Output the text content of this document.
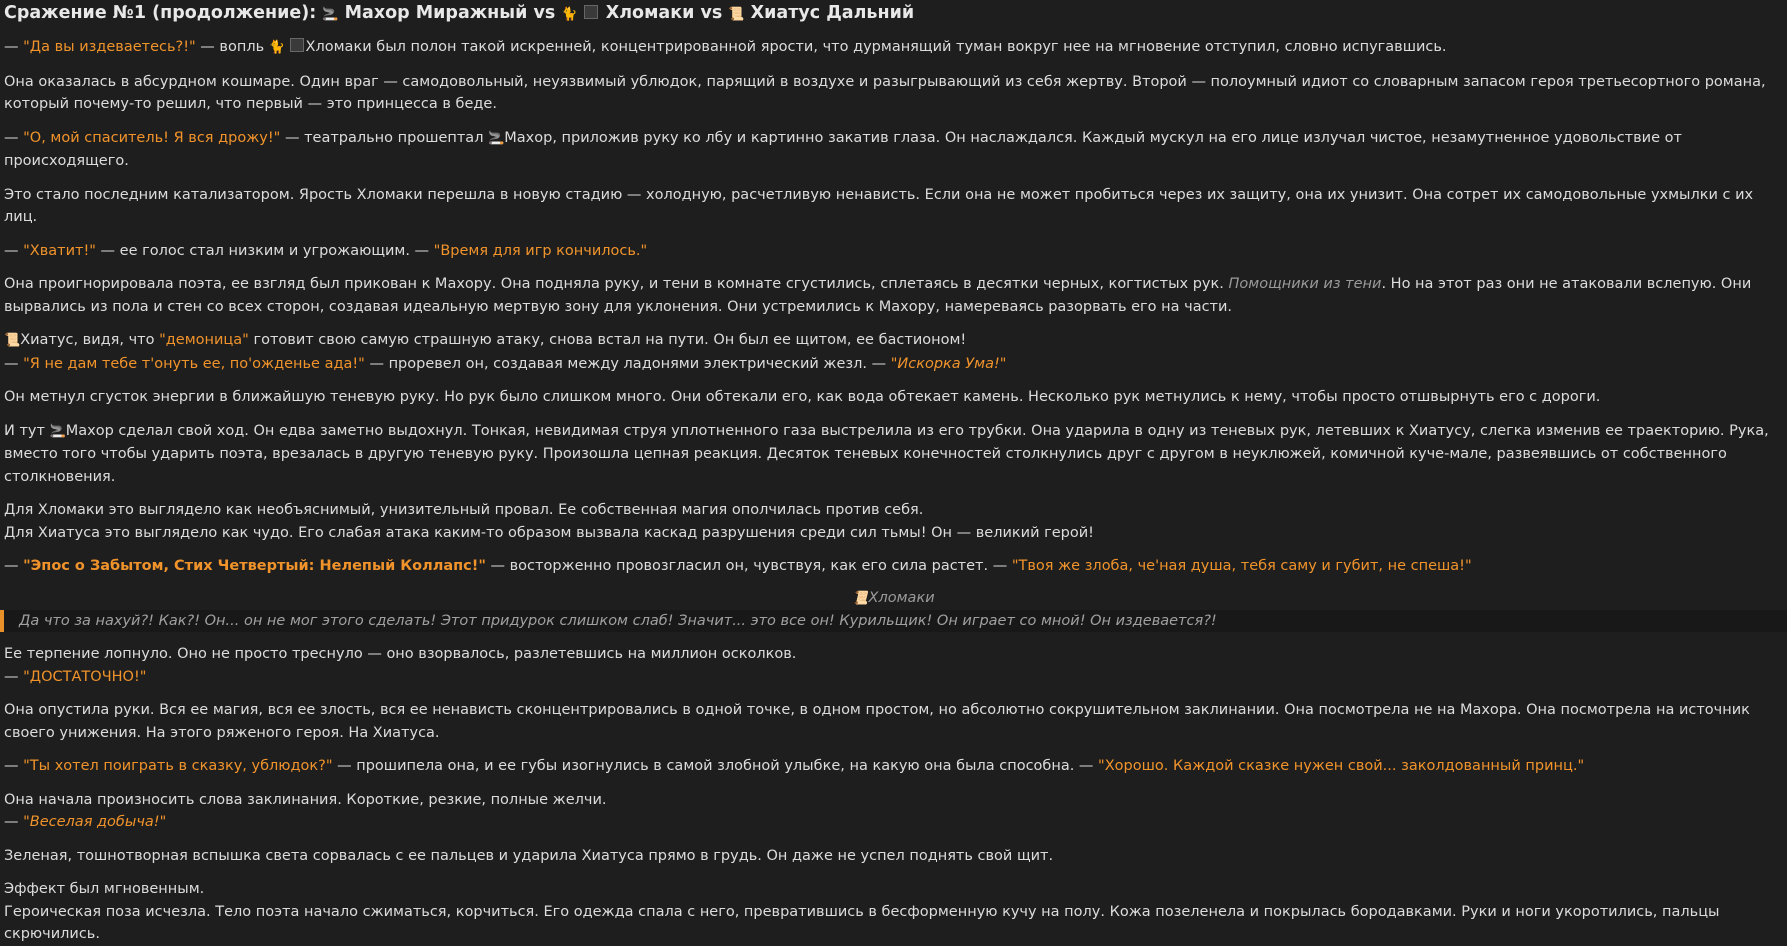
Сражение №1 (продолжение): 🚬 Махор Миражный vs 🐈 Хломаки vs 📜 Хиатус Дальний

— "Да вы издеваетесь?!" — вопль 🐈 Хломаки был полон такой искренней, концентрированной ярости, что дурманящий туман вокруг нее на мгновение отступил, словно испугавшись.

Она оказалась в абсурдном кошмаре. Один враг — самодовольный, неуязвимый ублюдок, парящий в воздухе и разыгрывающий из себя жертву. Второй — полоумный идиот со словарным запасом героя третьесортного романа, который почему-то решил, что первый — это принцесса в беде.

— "О, мой спаситель! Я вся дрожу!" — театрально прошептал 🚬Махор, приложив руку ко лбу и картинно закатив глаза. Он наслаждался. Каждый мускул на его лице излучал чистое, незамутненное удовольствие от происходящего.

Это стало последним катализатором. Ярость Хломаки перешла в новую стадию — холодную, расчетливую ненависть. Если она не может пробиться через их защиту, она их унизит. Она сотрет их самодовольные ухмылки с их лиц.

— "Хватит!" — ее голос стал низким и угрожающим. — "Время для игр кончилось."

Она проигнорировала поэта, ее взгляд был прикован к Махору. Она подняла руку, и тени в комнате сгустились, сплетаясь в десятки черных, когтистых рук. Помощники из тени. Но на этот раз они не атаковали вслепую. Они вырвались из пола и стен со всех сторон, создавая идеальную мертвую зону для уклонения. Они устремились к Махору, намереваясь разорвать его на части.

📜Хиатус, видя, что "демоница" готовит свою самую страшную атаку, снова встал на пути. Он был ее щитом, ее бастионом!

— "Я не дам тебе т'онуть ее, по'ожденье ада!" — проревел он, создавая между ладонями электрический жезл. — "Искорка Ума!"

Он метнул сгусток энергии в ближайшую теневую руку. Но рук было слишком много. Они обтекали его, как вода обтекает камень. Несколько рук метнулись к нему, чтобы просто отшвырнуть его с дороги.

И тут 🚬Махор сделал свой ход. Он едва заметно выдохнул. Тонкая, невидимая струя уплотненного газа выстрелила из его трубки. Она ударила в одну из теневых рук, летевших к Хиатусу, слегка изменив ее траекторию. Рука, вместо того чтобы ударить поэта, врезалась в другую теневую руку. Произошла цепная реакция. Десяток теневых конечностей столкнулись друг с другом в неуклюжей, комичной куче-мале, развеявшись от собственного столкновения.

Для Хломаки это выглядело как необъяснимый, унизительный провал. Ее собственная магия ополчилась против себя.

Для Хиатуса это выглядело как чудо. Его слабая атака каким-то образом вызвала каскад разрушения среди сил тьмы! Он — великий герой!

— "Эпос о Забытом, Стих Четвертый: Нелепый Коллапс!" — восторженно провозгласил он, чувствуя, как его сила растет. — "Твоя же злоба, че'ная душа, тебя саму и губит, не спеша!"

📜Хломаки
Да что за нахуй?! Как?! Он... он не мог этого сделать! Этот придурок слишком слаб! Значит... это все он! Курильщик! Он играет со мной! Он издевается?!

Ее терпение лопнуло. Оно не просто треснуло — оно взорвалось, разлетевшись на миллион осколков.

— "ДОСТАТОЧНО!"

Она опустила руки. Вся ее магия, вся ее злость, вся ее ненависть сконцентрировались в одной точке, в одном простом, но абсолютно сокрушительном заклинании. Она посмотрела не на Махора. Она посмотрела на источник своего унижения. На этого ряженого героя. На Хиатуса.

— "Ты хотел поиграть в сказку, ублюдок?" — прошипела она, и ее губы изогнулись в самой злобной улыбке, на какую она была способна. — "Хорошо. Каждой сказке нужен свой... заколдованный принц."

Она начала произносить слова заклинания. Короткие, резкие, полные желчи.

— "Веселая добыча!"

Зеленая, тошнотворная вспышка света сорвалась с ее пальцев и ударила Хиатуса прямо в грудь. Он даже не успел поднять свой щит.

Эффект был мгновенным.

Героическая поза исчезла. Тело поэта начало сжиматься, корчиться. Его одежда спала с него, превратившись в бесформенную кучу на полу. Кожа позеленела и покрылась бородавками. Руки и ноги укоротились, пальцы скрючились.
